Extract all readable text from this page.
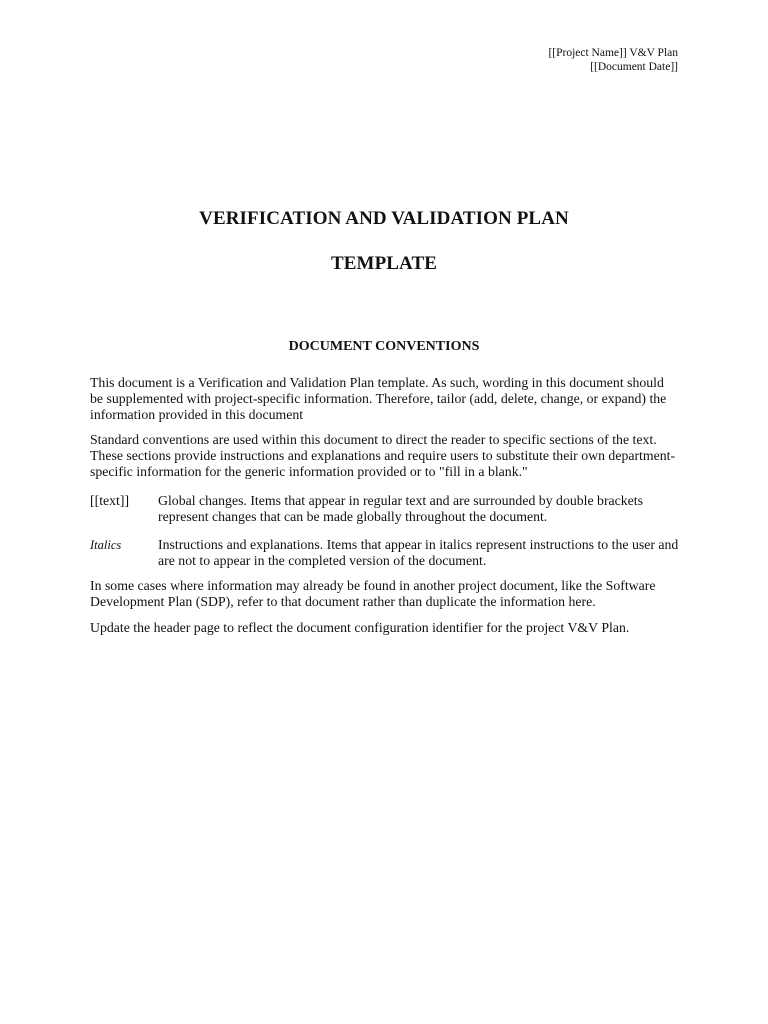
[[Project Name]] V&V Plan
[[Document Date]]
VERIFICATION AND VALIDATION PLAN
TEMPLATE
DOCUMENT CONVENTIONS

This document is a Verification and Validation Plan template. As such, wording in this document should be supplemented with project-specific information. Therefore, tailor (add, delete, change, or expand) the information provided in this document

Standard conventions are used within this document to direct the reader to specific sections of the text. These sections provide instructions and explanations and require users to substitute their own department-specific information for the generic information provided or to "fill in a blank."

[[text]]	Global changes. Items that appear in regular text and are surrounded by double brackets represent changes that can be made globally throughout the document.
Italics	Instructions and explanations. Items that appear in italics represent instructions to the user and are not to appear in the completed version of the document.

In some cases where information may already be found in another project document, like the Software Development Plan (SDP), refer to that document rather than duplicate the information here.

Update the header page to reflect the document configuration identifier for the project V&V Plan.
